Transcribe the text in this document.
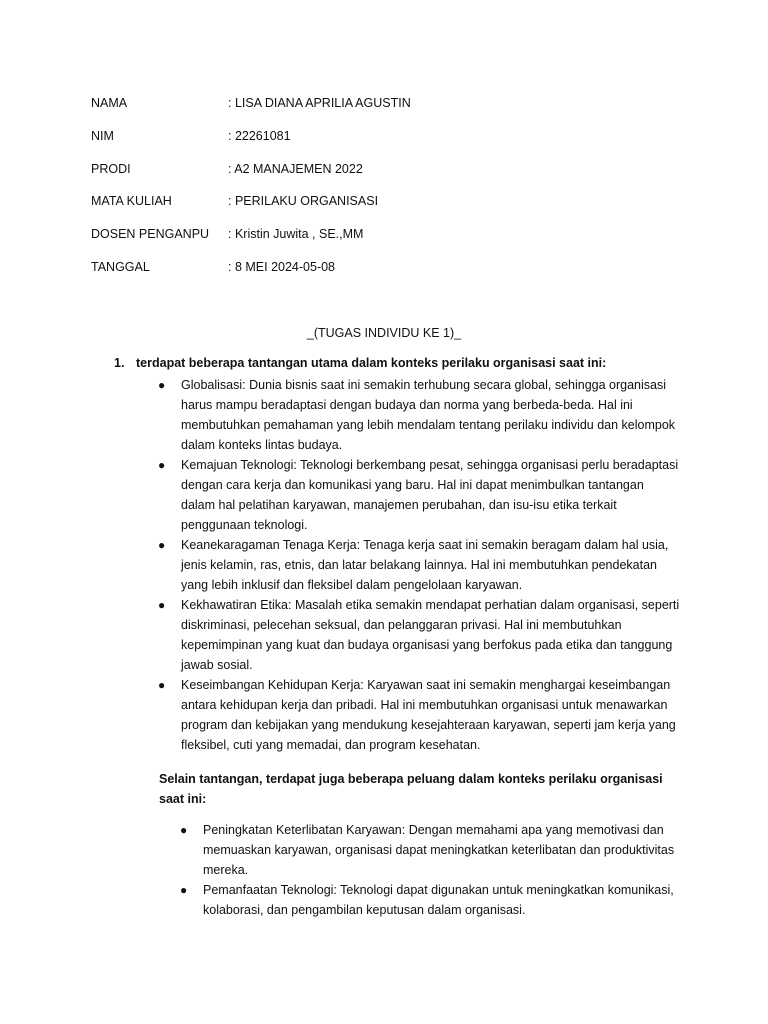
NAMA	: LISA DIANA APRILIA AGUSTIN
NIM	: 22261081
PRODI	: A2 MANAJEMEN 2022
MATA KULIAH	: PERILAKU ORGANISASI
DOSEN PENGANPU : Kristin Juwita , SE.,MM
TANGGAL	: 8 MEI 2024-05-08
_(TUGAS INDIVIDU KE 1)_
1. terdapat beberapa tantangan utama dalam konteks perilaku organisasi saat ini:
● Globalisasi: Dunia bisnis saat ini semakin terhubung secara global, sehingga organisasi harus mampu beradaptasi dengan budaya dan norma yang berbeda-beda. Hal ini membutuhkan pemahaman yang lebih mendalam tentang perilaku individu dan kelompok dalam konteks lintas budaya.
● Kemajuan Teknologi: Teknologi berkembang pesat, sehingga organisasi perlu beradaptasi dengan cara kerja dan komunikasi yang baru. Hal ini dapat menimbulkan tantangan dalam hal pelatihan karyawan, manajemen perubahan, dan isu-isu etika terkait penggunaan teknologi.
● Keanekaragaman Tenaga Kerja: Tenaga kerja saat ini semakin beragam dalam hal usia, jenis kelamin, ras, etnis, dan latar belakang lainnya. Hal ini membutuhkan pendekatan yang lebih inklusif dan fleksibel dalam pengelolaan karyawan.
● Kekhawatiran Etika: Masalah etika semakin mendapat perhatian dalam organisasi, seperti diskriminasi, pelecehan seksual, dan pelanggaran privasi. Hal ini membutuhkan kepemimpinan yang kuat dan budaya organisasi yang berfokus pada etika dan tanggung jawab sosial.
● Keseimbangan Kehidupan Kerja: Karyawan saat ini semakin menghargai keseimbangan antara kehidupan kerja dan pribadi. Hal ini membutuhkan organisasi untuk menawarkan program dan kebijakan yang mendukung kesejahteraan karyawan, seperti jam kerja yang fleksibel, cuti yang memadai, dan program kesehatan.
Selain tantangan, terdapat juga beberapa peluang dalam konteks perilaku organisasi saat ini:
● Peningkatan Keterlibatan Karyawan: Dengan memahami apa yang memotivasi dan memuaskan karyawan, organisasi dapat meningkatkan keterlibatan dan produktivitas mereka.
● Pemanfaatan Teknologi: Teknologi dapat digunakan untuk meningkatkan komunikasi, kolaborasi, dan pengambilan keputusan dalam organisasi.
